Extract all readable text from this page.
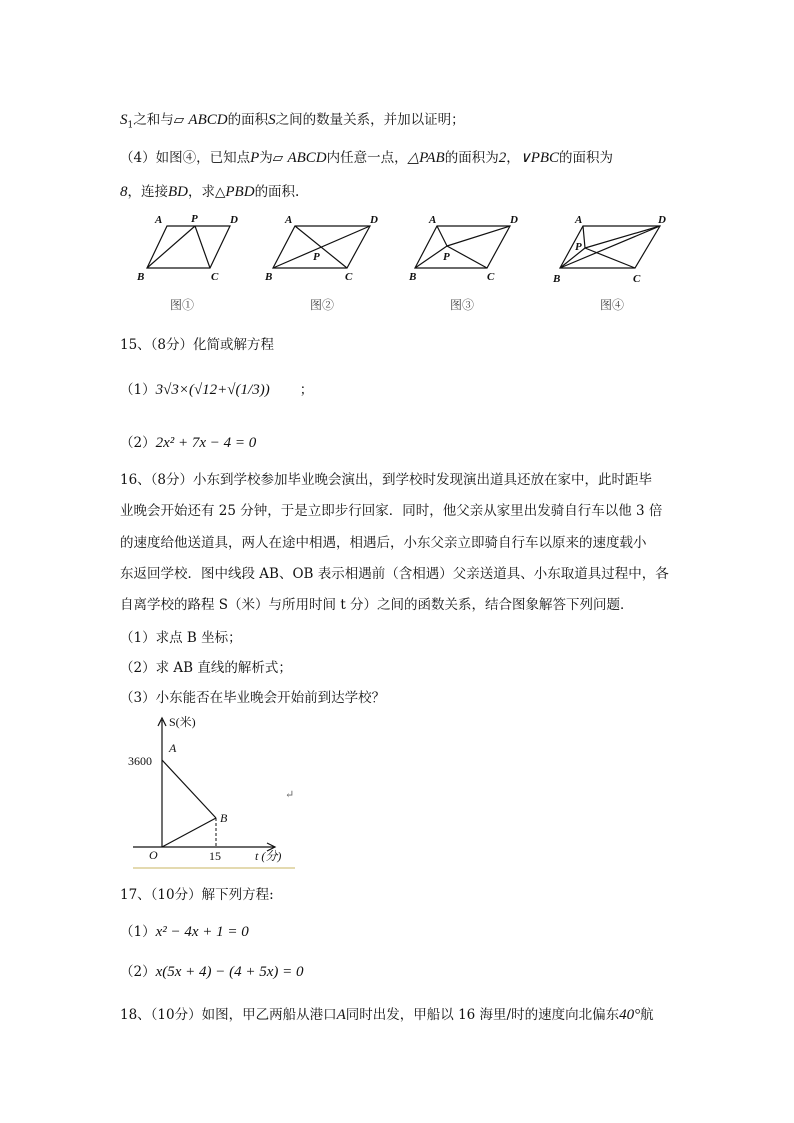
$S_1$之和与▱ ABCD的面积S之间的数量关系，并加以证明；
（4）如图④，已知点P为▱ ABCD内任意一点，△PAB的面积为2，∨PBC的面积为
8，连接BD，求△PBD的面积.
A	P	D
B	C
A	D
P
B	C
A	D
P
B	C
A	D
P
B	C
图①	图②	图③	图④
15、（8分）化简或解方程
（1）3√3×(√12+√(1/3)) ；
（2）2x² + 7x − 4 = 0
16、（8分）小东到学校参加毕业晚会演出，到学校时发现演出道具还放在家中，此时距毕
业晚会开始还有 25 分钟，于是立即步行回家．同时，他父亲从家里出发骑自行车以他 3 倍
的速度给他送道具，两人在途中相遇，相遇后，小东父亲立即骑自行车以原来的速度载小
东返回学校．图中线段 AB、OB 表示相遇前（含相遇）父亲送道具、小东取道具过程中，各
自离学校的路程 S（米）与所用时间 t 分）之间的函数关系，结合图象解答下列问题．
（1）求点 B 坐标；
（2）求 AB 直线的解析式；
（3）小东能否在毕业晚会开始前到达学校？
S(米)
3600
15	t (分)
O
A
B
↵
17、（10分）解下列方程:
（1）x² − 4x + 1 = 0
（2）x(5x + 4) − (4 + 5x) = 0
18、（10分）如图，甲乙两船从港口A同时出发，甲船以 16 海里/时的速度向北偏东40°航
